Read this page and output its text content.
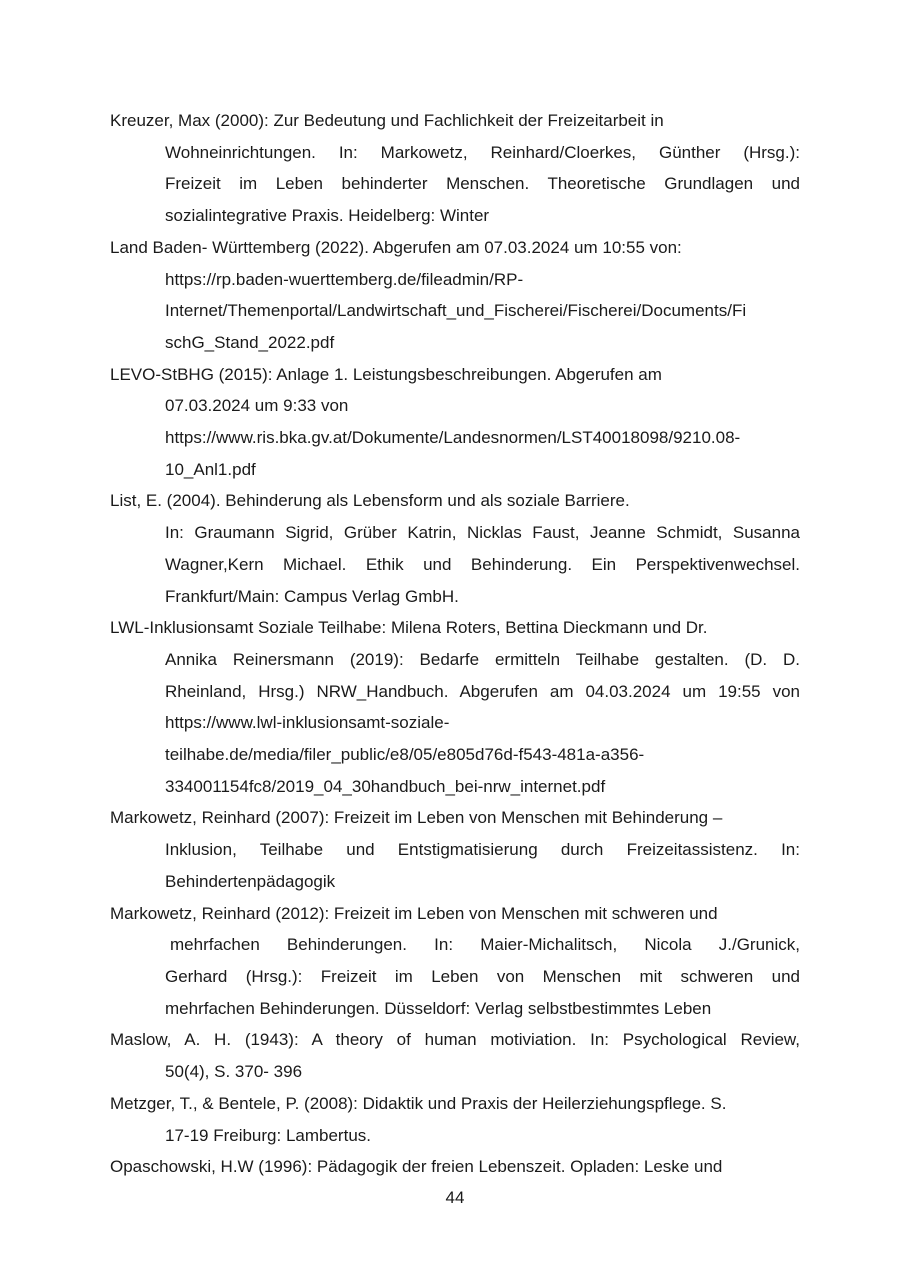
Kreuzer, Max (2000): Zur Bedeutung und Fachlichkeit der Freizeitarbeit in
Wohneinrichtungen. In: Markowetz, Reinhard/Cloerkes, Günther (Hrsg.):
Freizeit im Leben behinderter Menschen. Theoretische Grundlagen und
sozialintegrative Praxis. Heidelberg: Winter
Land Baden- Württemberg (2022). Abgerufen am 07.03.2024 um 10:55 von:
https://rp.baden-wuerttemberg.de/fileadmin/RP-
Internet/Themenportal/Landwirtschaft_und_Fischerei/Fischerei/Documents/Fi
schG_Stand_2022.pdf
LEVO-StBHG (2015): Anlage 1. Leistungsbeschreibungen. Abgerufen am
07.03.2024 um 9:33 von
https://www.ris.bka.gv.at/Dokumente/Landesnormen/LST40018098/9210.08-
10_Anl1.pdf
List, E. (2004). Behinderung als Lebensform und als soziale Barriere.
In: Graumann Sigrid, Grüber Katrin, Nicklas Faust, Jeanne Schmidt, Susanna
Wagner,Kern Michael. Ethik und Behinderung. Ein Perspektivenwechsel.
Frankfurt/Main: Campus Verlag GmbH.
LWL-Inklusionsamt Soziale Teilhabe: Milena Roters, Bettina Dieckmann und Dr.
Annika Reinersmann (2019): Bedarfe ermitteln Teilhabe gestalten. (D. D.
Rheinland, Hrsg.) NRW_Handbuch. Abgerufen am 04.03.2024 um 19:55 von
https://www.lwl-inklusionsamt-soziale-
teilhabe.de/media/filer_public/e8/05/e805d76d-f543-481a-a356-
334001154fc8/2019_04_30handbuch_bei-nrw_internet.pdf
Markowetz, Reinhard (2007): Freizeit im Leben von Menschen mit Behinderung –
Inklusion, Teilhabe und Entstigmatisierung durch Freizeitassistenz. In:
Behindertenpädagogik
Markowetz, Reinhard (2012): Freizeit im Leben von Menschen mit schweren und
mehrfachen Behinderungen. In: Maier-Michalitsch, Nicola J./Grunick,
Gerhard (Hrsg.): Freizeit im Leben von Menschen mit schweren und
mehrfachen Behinderungen. Düsseldorf: Verlag selbstbestimmtes Leben
Maslow, A. H. (1943): A theory of human motiviation. In: Psychological Review,
50(4), S. 370- 396
Metzger, T., & Bentele, P. (2008): Didaktik und Praxis der Heilerziehungspflege. S.
17-19 Freiburg: Lambertus.
Opaschowski, H.W (1996): Pädagogik der freien Lebenszeit. Opladen: Leske und
44
